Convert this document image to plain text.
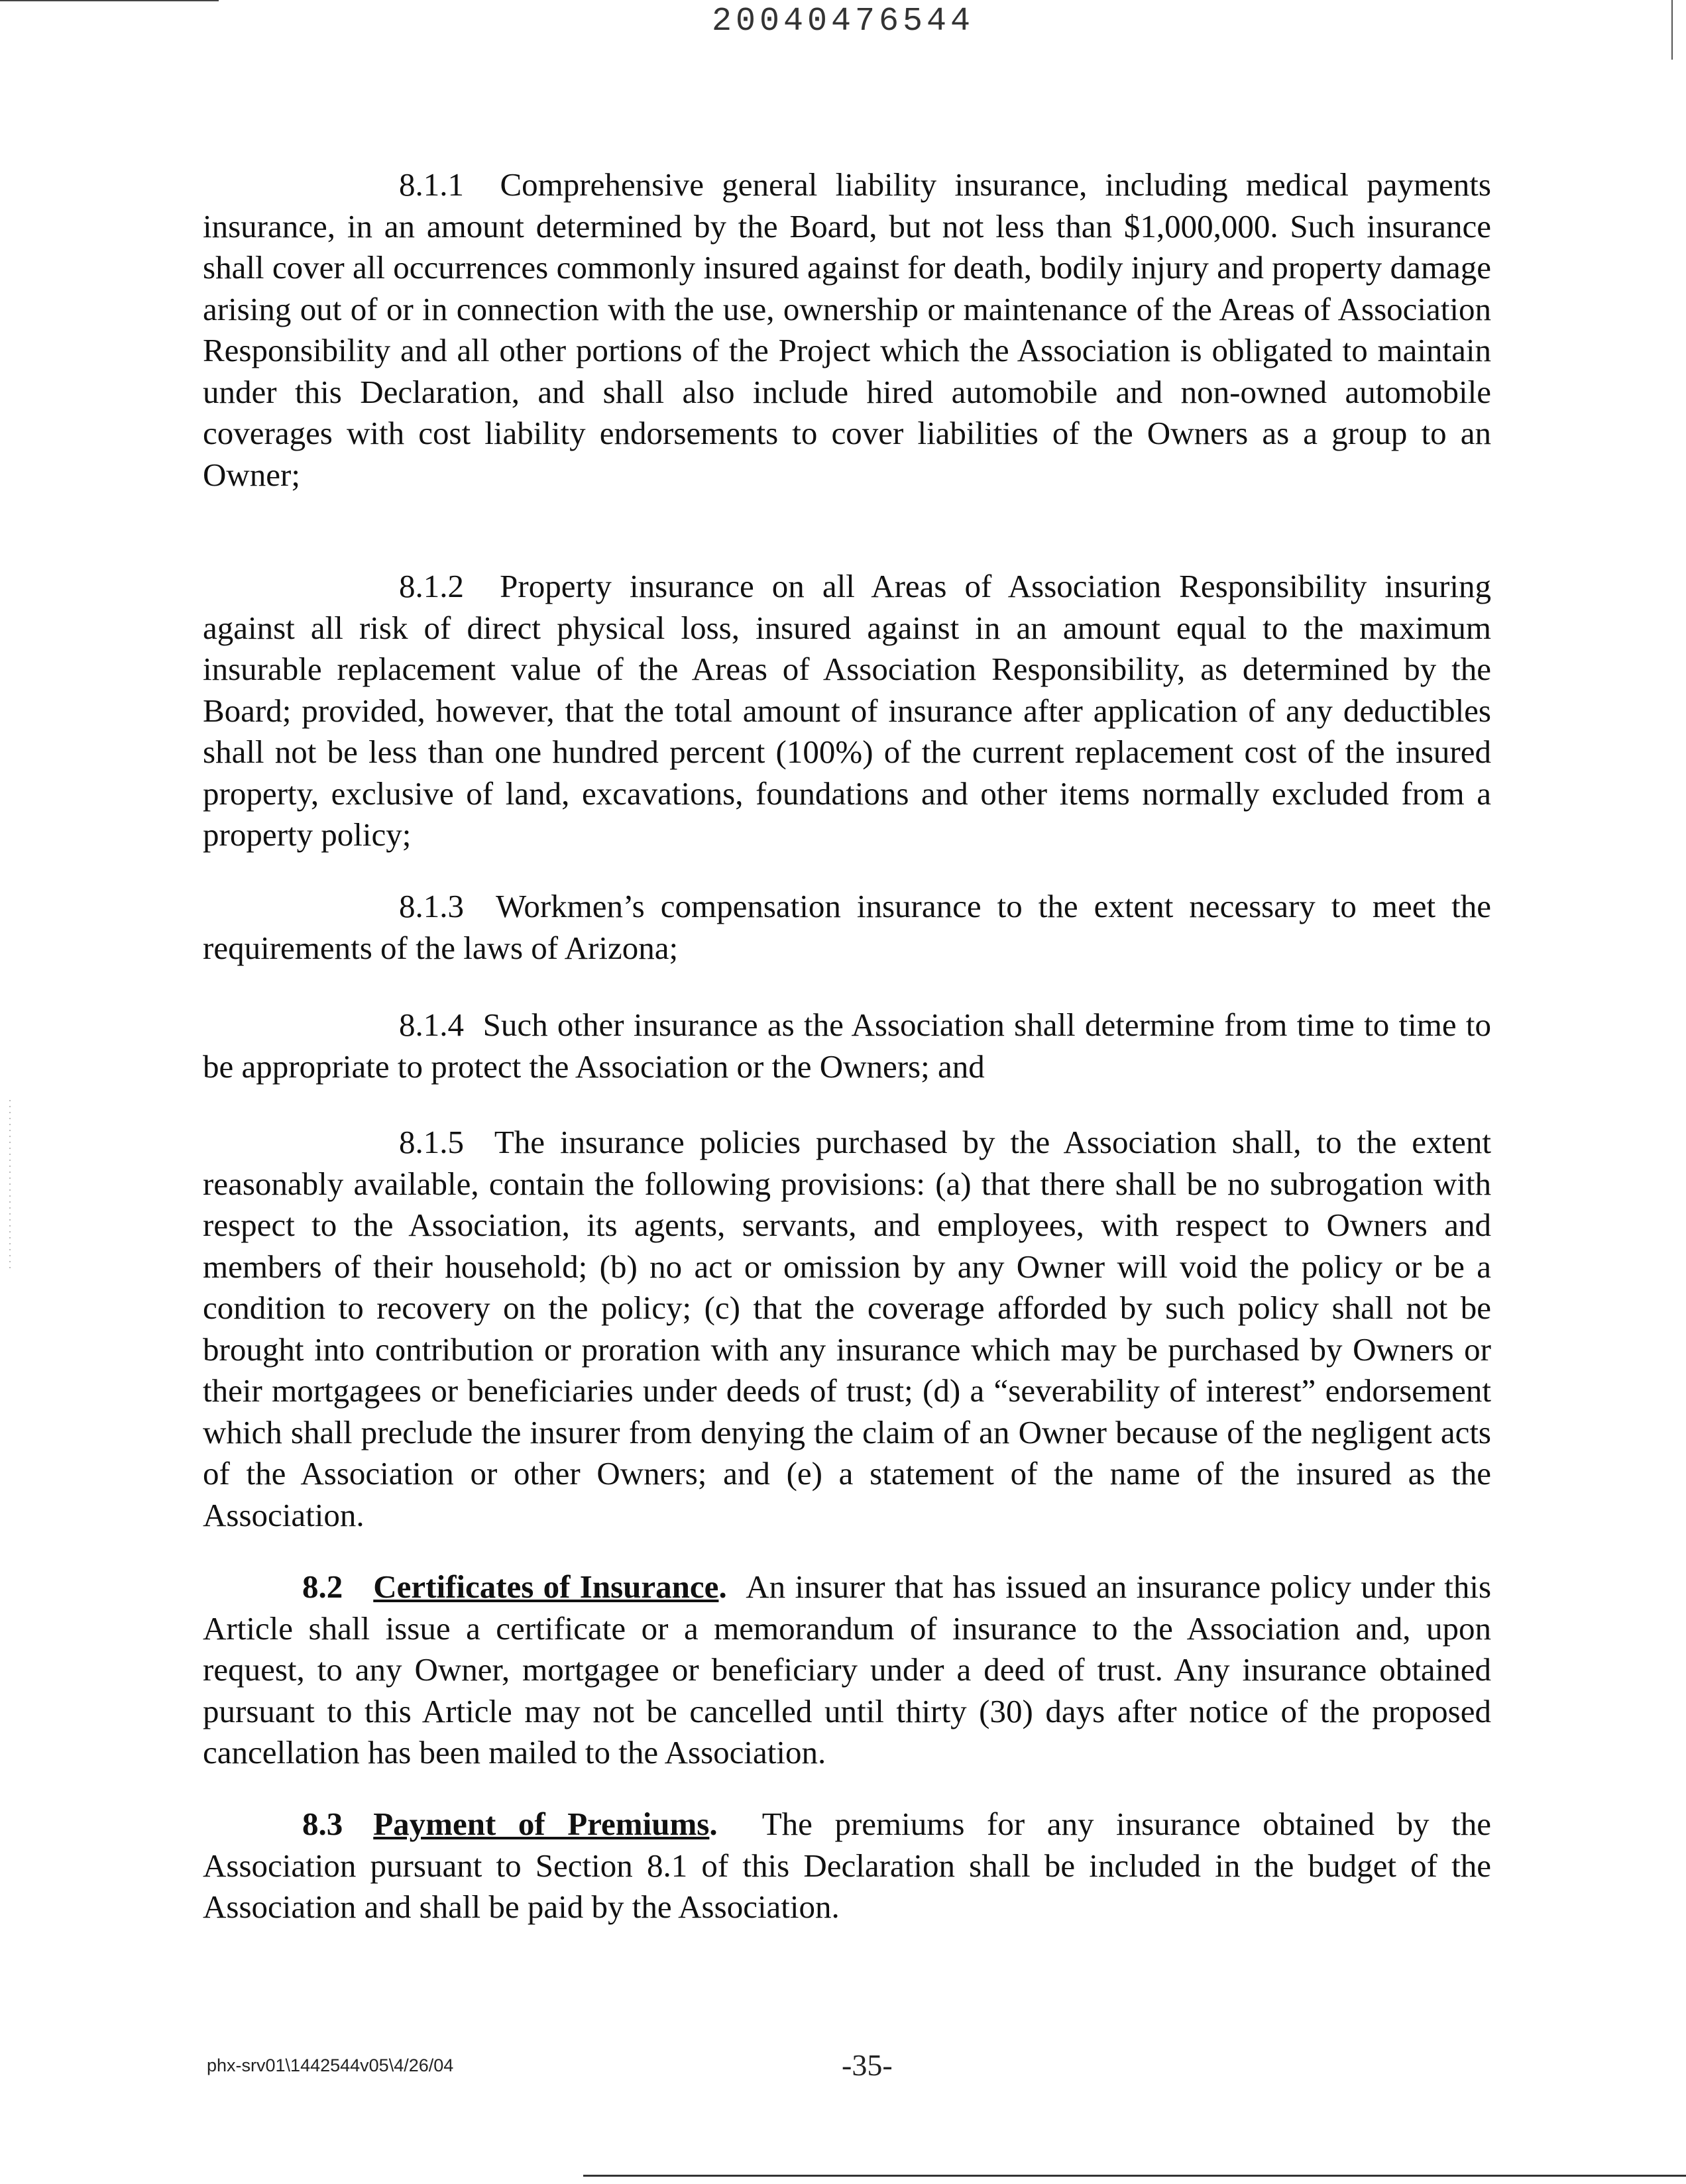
20040476544

8.1.1 Comprehensive general liability insurance, including medical payments insurance, in an amount determined by the Board, but not less than $1,000,000. Such insurance shall cover all occurrences commonly insured against for death, bodily injury and property damage arising out of or in connection with the use, ownership or maintenance of the Areas of Association Responsibility and all other portions of the Project which the Association is obligated to maintain under this Declaration, and shall also include hired automobile and non-owned automobile coverages with cost liability endorsements to cover liabilities of the Owners as a group to an Owner;

8.1.2 Property insurance on all Areas of Association Responsibility insuring against all risk of direct physical loss, insured against in an amount equal to the maximum insurable replacement value of the Areas of Association Responsibility, as determined by the Board; provided, however, that the total amount of insurance after application of any deductibles shall not be less than one hundred percent (100%) of the current replacement cost of the insured property, exclusive of land, excavations, foundations and other items normally excluded from a property policy;

8.1.3 Workmen’s compensation insurance to the extent necessary to meet the requirements of the laws of Arizona;

8.1.4 Such other insurance as the Association shall determine from time to time to be appropriate to protect the Association or the Owners; and

8.1.5 The insurance policies purchased by the Association shall, to the extent reasonably available, contain the following provisions: (a) that there shall be no subrogation with respect to the Association, its agents, servants, and employees, with respect to Owners and members of their household; (b) no act or omission by any Owner will void the policy or be a condition to recovery on the policy; (c) that the coverage afforded by such policy shall not be brought into contribution or proration with any insurance which may be purchased by Owners or their mortgagees or beneficiaries under deeds of trust; (d) a “severability of interest” endorsement which shall preclude the insurer from denying the claim of an Owner because of the negligent acts of the Association or other Owners; and (e) a statement of the name of the insured as the Association.

8.2 Certificates of Insurance. An insurer that has issued an insurance policy under this Article shall issue a certificate or a memorandum of insurance to the Association and, upon request, to any Owner, mortgagee or beneficiary under a deed of trust. Any insurance obtained pursuant to this Article may not be cancelled until thirty (30) days after notice of the proposed cancellation has been mailed to the Association.

8.3 Payment of Premiums. The premiums for any insurance obtained by the Association pursuant to Section 8.1 of this Declaration shall be included in the budget of the Association and shall be paid by the Association.

phx-srv01\1442544v05\4/26/04	-35-
